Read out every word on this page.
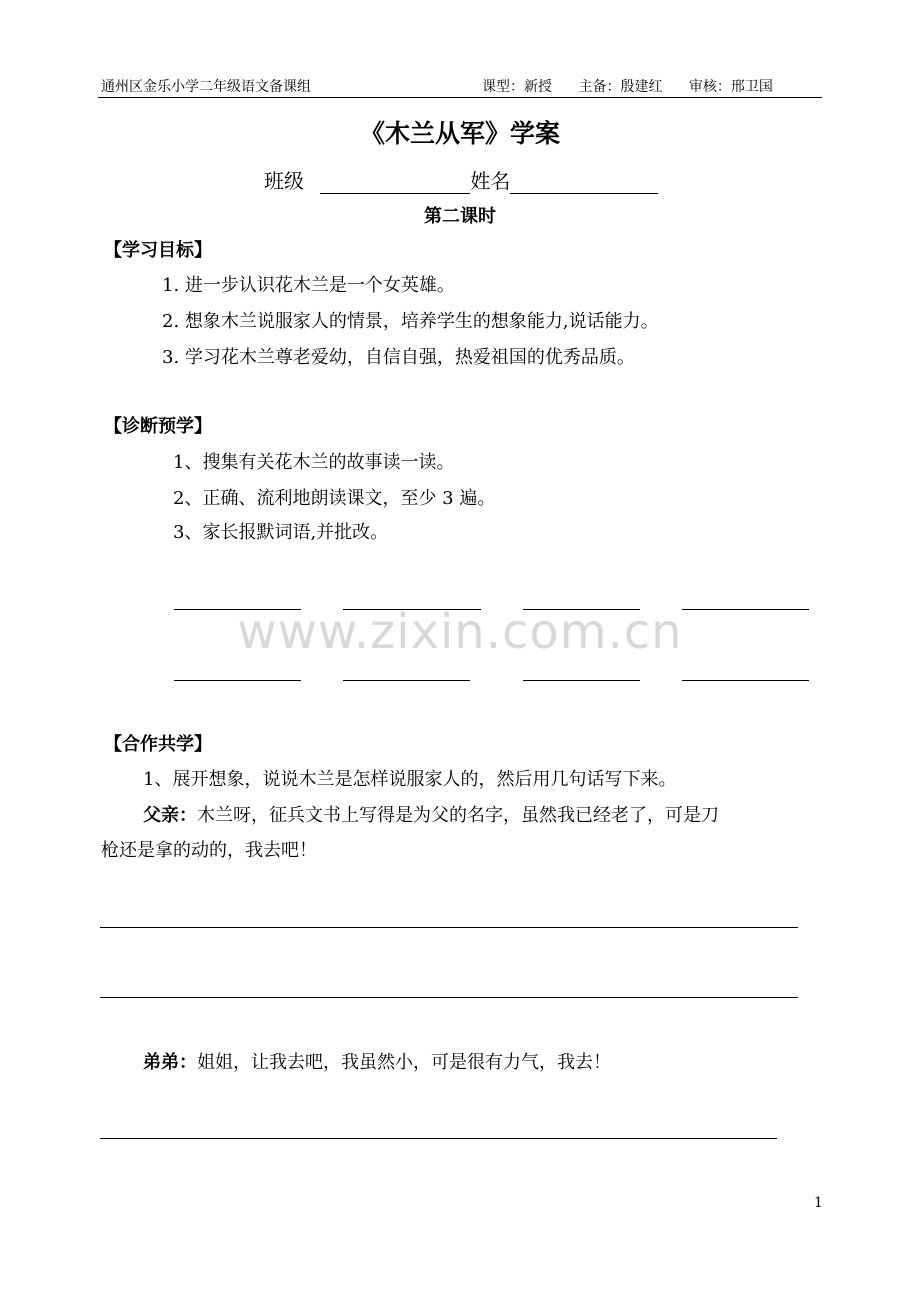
通州区金乐小学二年级语文备课组	课型：新授 主备：殷建红 审核：邢卫国
《木兰从军》学案
班级	姓名
第二课时
【学习目标】
1. 进一步认识花木兰是一个女英雄。
2. 想象木兰说服家人的情景，培养学生的想象能力,说话能力。
3. 学习花木兰尊老爱幼，自信自强，热爱祖国的优秀品质。
【诊断预学】
1、搜集有关花木兰的故事读一读。
2、正确、流利地朗读课文，至少 3 遍。
3、家长报默词语,并批改。
www.zixin.com.cn
【合作共学】
1、展开想象，说说木兰是怎样说服家人的，然后用几句话写下来。
父亲：木兰呀，征兵文书上写得是为父的名字，虽然我已经老了，可是刀
枪还是拿的动的，我去吧！
弟弟：姐姐，让我去吧，我虽然小，可是很有力气，我去！
1
